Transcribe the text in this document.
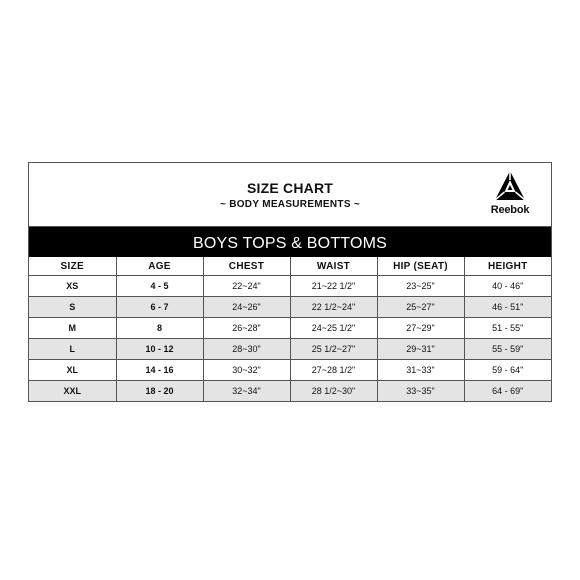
SIZE CHART
~ BODY MEASUREMENTS ~	Reebok
BOYS TOPS & BOTTOMS
SIZE	AGE	CHEST	WAIST	HIP (SEAT)	HEIGHT
XS	4 - 5	22~24"	21~22 1/2"	23~25"	40 - 46"
S	6 - 7	24~26"	22 1/2~24"	25~27"	46 - 51"
M	8	26~28"	24~25 1/2"	27~29"	51 - 55"
L	10 - 12	28~30"	25 1/2~27"	29~31"	55 - 59"
XL	14 - 16	30~32"	27~28 1/2"	31~33"	59 - 64"
XXL	18 - 20	32~34"	28 1/2~30"	33~35"	64 - 69"
